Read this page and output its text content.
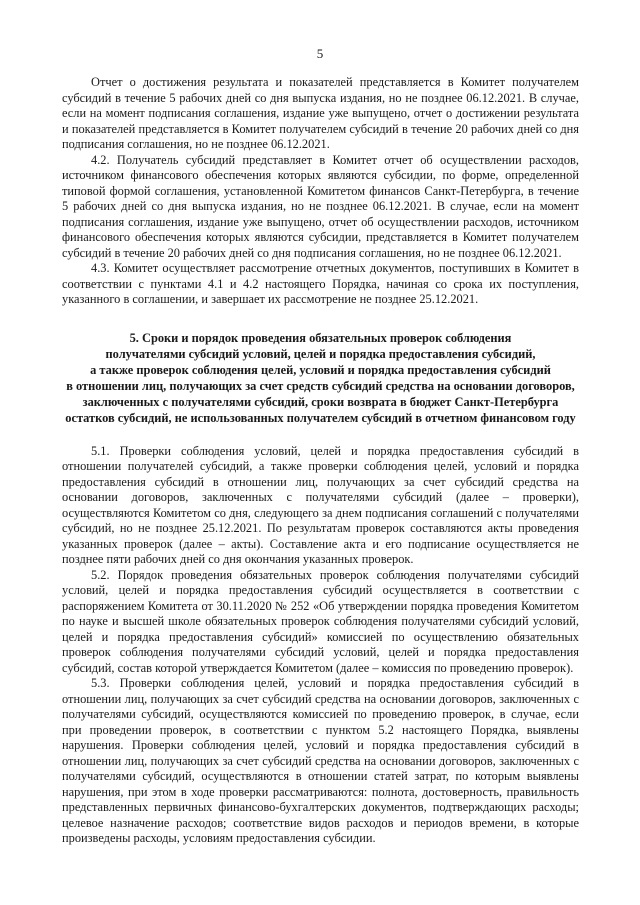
5

Отчет о достижения результата и показателей представляется в Комитет получателем субсидий в течение 5 рабочих дней со дня выпуска издания, но не позднее 06.12.2021. В случае, если на момент подписания соглашения, издание уже выпущено, отчет о достижении результата и показателей представляется в Комитет получателем субсидий в течение 20 рабочих дней со дня подписания соглашения, но не позднее 06.12.2021.

4.2. Получатель субсидий представляет в Комитет отчет об осуществлении расходов, источником финансового обеспечения которых являются субсидии, по форме, определенной типовой формой соглашения, установленной Комитетом финансов Санкт-Петербурга, в течение 5 рабочих дней со дня выпуска издания, но не позднее 06.12.2021. В случае, если на момент подписания соглашения, издание уже выпущено, отчет об осуществлении расходов, источником финансового обеспечения которых являются субсидии, представляется в Комитет получателем субсидий в течение 20 рабочих дней со дня подписания соглашения, но не позднее 06.12.2021.

4.3. Комитет осуществляет рассмотрение отчетных документов, поступивших в Комитет в соответствии с пунктами 4.1 и 4.2 настоящего Порядка, начиная со срока их поступления, указанного в соглашении, и завершает их рассмотрение не позднее 25.12.2021.

5. Сроки и порядок проведения обязательных проверок соблюдения
получателями субсидий условий, целей и порядка предоставления субсидий,
а также проверок соблюдения целей, условий и порядка предоставления субсидий
в отношении лиц, получающих за счет средств субсидий средства на основании договоров,
заключенных с получателями субсидий, сроки возврата в бюджет Санкт-Петербурга
остатков субсидий, не использованных получателем субсидий в отчетном финансовом году

5.1. Проверки соблюдения условий, целей и порядка предоставления субсидий в отношении получателей субсидий, а также проверки соблюдения целей, условий и порядка предоставления субсидий в отношении лиц, получающих за счет субсидий средства на основании договоров, заключенных с получателями субсидий (далее – проверки), осуществляются Комитетом со дня, следующего за днем подписания соглашений с получателями субсидий, но не позднее 25.12.2021. По результатам проверок составляются акты проведения указанных проверок (далее – акты). Составление акта и его подписание осуществляется не позднее пяти рабочих дней со дня окончания указанных проверок.

5.2. Порядок проведения обязательных проверок соблюдения получателями субсидий условий, целей и порядка предоставления субсидий осуществляется в соответствии с распоряжением Комитета от 30.11.2020 № 252 «Об утверждении порядка проведения Комитетом по науке и высшей школе обязательных проверок соблюдения получателями субсидий условий, целей и порядка предоставления субсидий» комиссией по осуществлению обязательных проверок соблюдения получателями субсидий условий, целей и порядка предоставления субсидий, состав которой утверждается Комитетом (далее – комиссия по проведению проверок).

5.3. Проверки соблюдения целей, условий и порядка предоставления субсидий в отношении лиц, получающих за счет субсидий средства на основании договоров, заключенных с получателями субсидий, осуществляются комиссией по проведению проверок, в случае, если при проведении проверок, в соответствии с пунктом 5.2 настоящего Порядка, выявлены нарушения. Проверки соблюдения целей, условий и порядка предоставления субсидий в отношении лиц, получающих за счет субсидий средства на основании договоров, заключенных с получателями субсидий, осуществляются в отношении статей затрат, по которым выявлены нарушения, при этом в ходе проверки рассматриваются: полнота, достоверность, правильность представленных первичных финансово-бухгалтерских документов, подтверждающих расходы; целевое назначение расходов; соответствие видов расходов и периодов времени, в которые произведены расходы, условиям предоставления субсидии.
